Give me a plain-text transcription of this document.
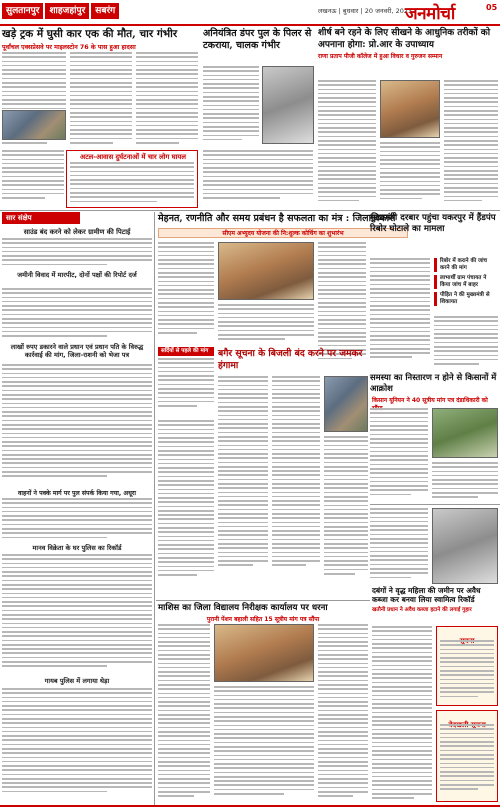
सुलतानपुर	शाहजहांपुर	सबरंग	लखनऊ | बुधवार | 20 जनवरी, 2023
जनमोर्चा	05
खड़े ट्रक में घुसी कार एक की मौत, चार गंभीर
पूर्वांचल एक्सप्रेसवे पर माइलस्टोन 76 के पास हुआ हादसा
अटल-आवास दुर्घटनाओं में चार लोग घायल
अनियंत्रित डंपर पुल के पिलर से टकराया, चालक गंभीर
शीर्ष बने रहने के लिए सीखने के आधुनिक तरीकों को अपनाना होगा: प्रो.आर के उपाध्याय
राणा प्रताप पीजी कॉलेज में हुआ विचार व गुरुजन सम्मान
सार संक्षेप
साउंड बंद करने को लेकर ग्रामीण की पिटाई
जमीनी विवाद में मारपीट, दोनों पक्षों की रिपोर्ट दर्ज
लाखों रुपए डकारने वाले प्रधान एवं प्रधान पति के विरुद्ध कार्रवाई की मांग, जिला-राशनी को भेजा पत्र
वाहनों ने पक्के मार्ग पर पुल संपर्क किया गया, अधूरा
मानव विक्रेता के घर पुलिस का रिकॉर्ड
गायब पुलिस में लगाया थेड़ा
मेहनत, रणनीति और समय प्रबंधन है सफलता का मंत्र : जिलाधिकारी
सीएम अभ्युदय योजना की नि:शुल्क कोचिंग का शुभारंभ
मुख्यमंत्री दरबार पहुंचा यकरपुर में हैंडपंप रिबोर घोटाले का मामला
रिबोर में कराने की जांच करने की मांग
लाभार्थी ग्राम पंचायत ने किया जांच में बाहर
पीड़ित ने की मुख्यमंत्री से शिकायत
सर्दियों से पहले की मांग	बगैर सूचना के बिजली बंद करने पर जमकर हंगामा
समस्या का निस्तारण न होने से किसानों में आक्रोश
किसान यूनियन ने 40 सूत्रीय मांग पत्र दंडाधिकारी को
माशिस का जिला विद्यालय निरीक्षक कार्यालय पर धरना
पुरानी पेंशन बहाली सहित 15 सूत्रीय मांग पत्र सौंपा
दबंगों ने वृद्ध महिला की जमीन पर अवैध कब्जा कर बनवा लिया स्वामित्व रिकॉर्ड
खतौनी प्रधान ने अवैध कब्जा हटाने की लगाई गुहार
